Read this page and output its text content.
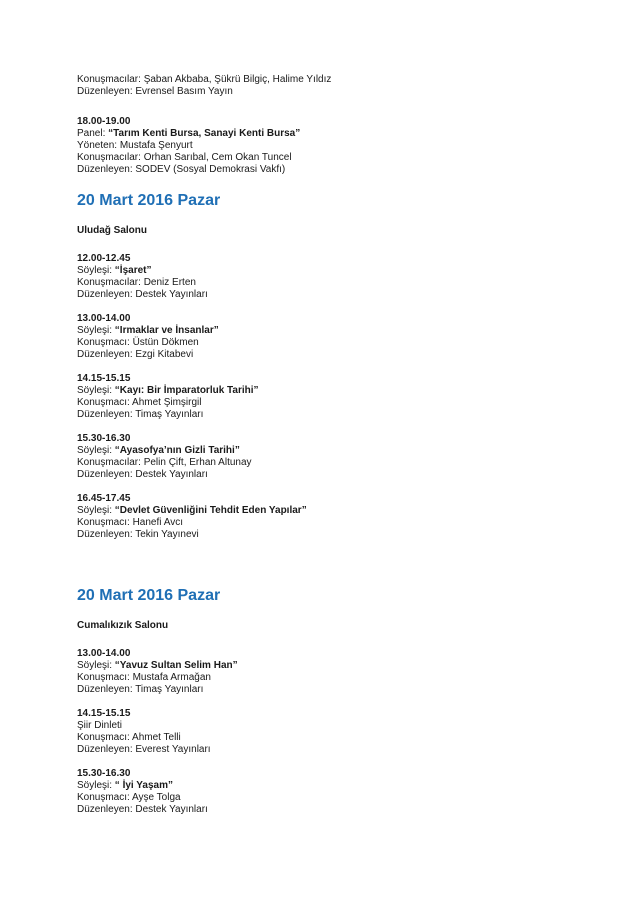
Konuşmacılar: Şaban Akbaba, Şükrü Bilgiç, Halime Yıldız
Düzenleyen: Evrensel Basım Yayın
18.00-19.00
Panel: “Tarım Kenti Bursa, Sanayi Kenti Bursa”
Yöneten: Mustafa Şenyurt
Konuşmacılar: Orhan Sarıbal, Cem Okan Tuncel
Düzenleyen: SODEV (Sosyal Demokrasi Vakfı)
20 Mart 2016 Pazar
Uludağ Salonu
12.00-12.45
Söyleşi: “İşaret”
Konuşmacılar: Deniz Erten
Düzenleyen: Destek Yayınları
13.00-14.00
Söyleşi: “Irmaklar ve İnsanlar”
Konuşmacı: Üstün Dökmen
Düzenleyen: Ezgi Kitabevi
14.15-15.15
Söyleşi: “Kayı: Bir İmparatorluk Tarihi”
Konuşmacı: Ahmet Şimşirgil
Düzenleyen: Timaş Yayınları
15.30-16.30
Söyleşi: “Ayasofya’nın Gizli Tarihi”
Konuşmacılar: Pelin Çift, Erhan Altunay
Düzenleyen: Destek Yayınları
16.45-17.45
Söyleşi: “Devlet Güvenliğini Tehdit Eden Yapılar”
Konuşmacı: Hanefi Avcı
Düzenleyen: Tekin Yayınevi
20 Mart 2016 Pazar
Cumalıkızık Salonu
13.00-14.00
Söyleşi: “Yavuz Sultan Selim Han”
Konuşmacı: Mustafa Armağan
Düzenleyen: Timaş Yayınları
14.15-15.15
Şiir Dinleti
Konuşmacı: Ahmet Telli
Düzenleyen: Everest Yayınları
15.30-16.30
Söyleşi: “ İyi Yaşam”
Konuşmacı: Ayşe Tolga
Düzenleyen: Destek Yayınları
